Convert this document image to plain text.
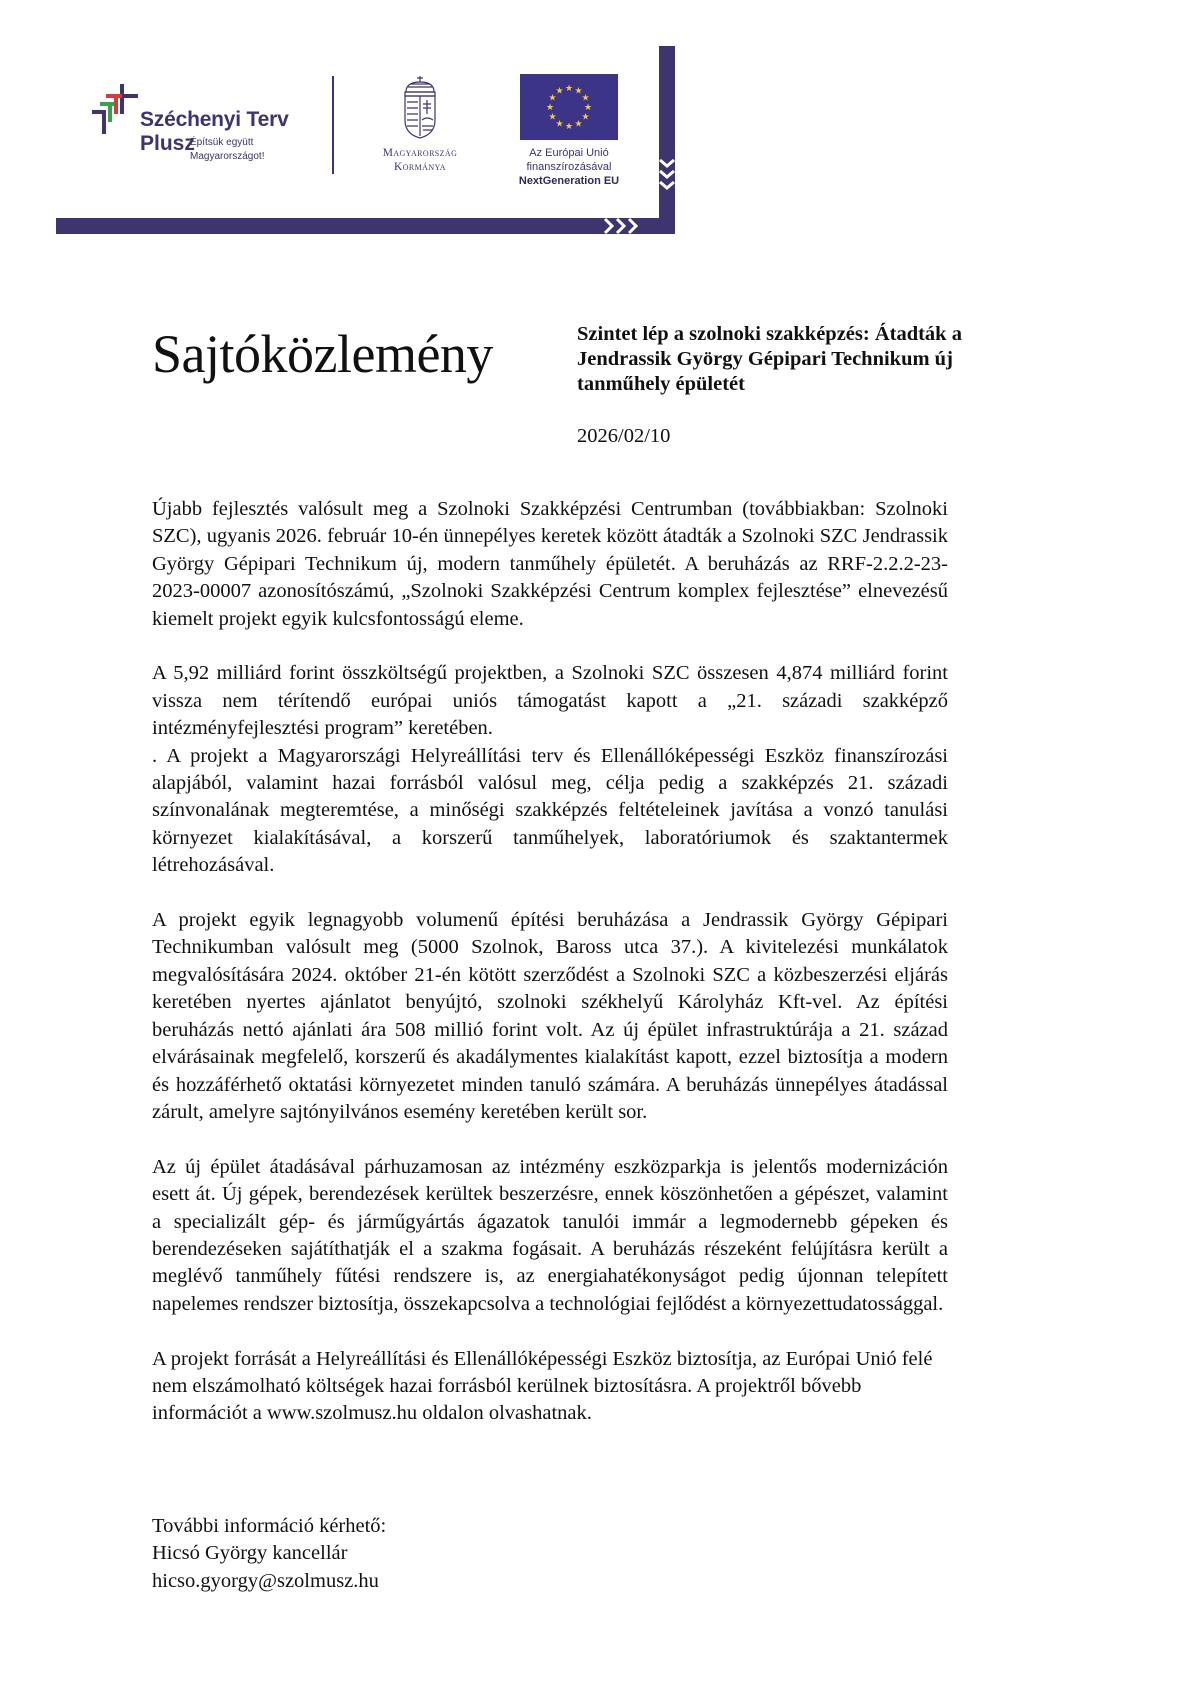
Széchenyi Terv
Plusz
Építsük együtt
Magyarországot!	Magyarország
Kormánya
★ ★
★
★
★
★
★
★
★
★
★
★
Az Európai Unió
finanszírozásával
NextGeneration EU
Sajtóközlemény	Szintet lép a szolnoki szakképzés: Átadták a Jendrassik György Gépipari Technikum új tanműhely épületét
2026/02/10

Újabb fejlesztés valósult meg a Szolnoki Szakképzési Centrumban (továbbiakban: Szolnoki SZC), ugyanis 2026. február 10-én ünnepélyes keretek között átadták a Szolnoki SZC Jendrassik György Gépipari Technikum új, modern tanműhely épületét. A beruházás az RRF-2.2.2-23-2023-00007 azonosítószámú, „Szolnoki Szakképzési Centrum komplex fejlesztése” elnevezésű kiemelt projekt egyik kulcsfontosságú eleme.

A 5,92 milliárd forint összköltségű projektben, a Szolnoki SZC összesen 4,874 milliárd forint vissza nem térítendő európai uniós támogatást kapott a „21. századi szakképző intézményfejlesztési program” keretében.

. A projekt a Magyarországi Helyreállítási terv és Ellenállóképességi Eszköz finanszírozási alapjából, valamint hazai forrásból valósul meg, célja pedig a szakképzés 21. századi színvonalának megteremtése, a minőségi szakképzés feltételeinek javítása a vonzó tanulási környezet kialakításával, a korszerű tanműhelyek, laboratóriumok és szaktantermek létrehozásával.

A projekt egyik legnagyobb volumenű építési beruházása a Jendrassik György Gépipari Technikumban valósult meg (5000 Szolnok, Baross utca 37.). A kivitelezési munkálatok megvalósítására 2024. október 21-én kötött szerződést a Szolnoki SZC a közbeszerzési eljárás keretében nyertes ajánlatot benyújtó, szolnoki székhelyű Károlyház Kft-vel. Az építési beruházás nettó ajánlati ára 508 millió forint volt. Az új épület infrastruktúrája a 21. század elvárásainak megfelelő, korszerű és akadálymentes kialakítást kapott, ezzel biztosítja a modern és hozzáférhető oktatási környezetet minden tanuló számára. A beruházás ünnepélyes átadással zárult, amelyre sajtónyilvános esemény keretében került sor.

Az új épület átadásával párhuzamosan az intézmény eszközparkja is jelentős modernizáción esett át. Új gépek, berendezések kerültek beszerzésre, ennek köszönhetően a gépészet, valamint a specializált gép- és járműgyártás ágazatok tanulói immár a legmodernebb gépeken és berendezéseken sajátíthatják el a szakma fogásait. A beruházás részeként felújításra került a meglévő tanműhely fűtési rendszere is, az energiahatékonyságot pedig újonnan telepített napelemes rendszer biztosítja, összekapcsolva a technológiai fejlődést a környezettudatossággal.

A projekt forrását a Helyreállítási és Ellenállóképességi Eszköz biztosítja, az Európai Unió felé nem elszámolható költségek hazai forrásból kerülnek biztosításra. A projektről bővebb információt a www.szolmusz.hu oldalon olvashatnak.

További információ kérhető:
Hicsó György kancellár
hicso.gyorgy@szolmusz.hu
